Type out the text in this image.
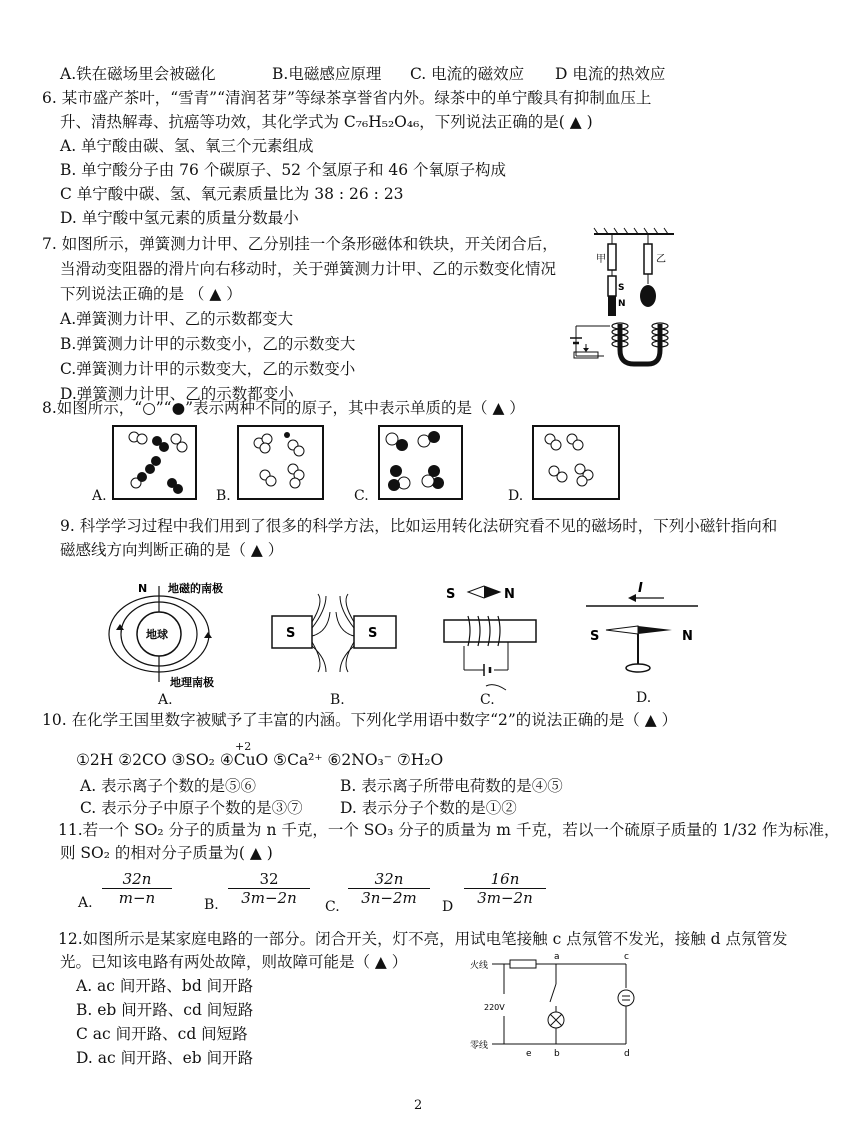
A.铁在磁场里会被磁化	B.电磁感应原理 C. 电流的磁效应 D 电流的热效应
6. 某市盛产茶叶，“雪青”“清润茗芽”等绿茶享誉省内外。绿茶中的单宁酸具有抑制血压上
升、清热解毒、抗癌等功效，其化学式为 C₇₆H₅₂O₄₆，下列说法正确的是( ▲ )
A. 单宁酸由碳、氢、氧三个元素组成
B. 单宁酸分子由 76 个碳原子、52 个氢原子和 46 个氧原子构成
C 单宁酸中碳、氢、氧元素质量比为 38 : 26 : 23
D. 单宁酸中氢元素的质量分数最小
7. 如图所示，弹簧测力计甲、乙分别挂一个条形磁体和铁块，开关闭合后，
当滑动变阻器的滑片向右移动时，关于弹簧测力计甲、乙的示数变化情况
下列说法正确的是 （ ▲ ）
A.弹簧测力计甲、乙的示数都变大
B.弹簧测力计甲的示数变小，乙的示数变大
C.弹簧测力计甲的示数变大，乙的示数变小
D.弹簧测力计甲、乙的示数都变小
S
N
甲	乙
8.如图所示，“○”“●”表示两种不同的原子，其中表示单质的是（ ▲ ）
A.	B.	C.	D.
9. 科学学习过程中我们用到了很多的科学方法，比如运用转化法研究看不见的磁场时，下列小磁针指向和
磁感线方向判断正确的是（ ▲ ）
地磁的南极
N
地球
地理南极
S	S
S	N	I
S	N
A.	B.	C.	D.
10. 在化学王国里数字被赋予了丰富的内涵。下列化学用语中数字“2”的说法正确的是（ ▲ ）
+2
①2H ②2CO ③SO₂ ④CuO ⑤Ca²⁺ ⑥2NO₃⁻ ⑦H₂O
A. 表示离子个数的是⑤⑥	B. 表示离子所带电荷数的是④⑤
C. 表示分子中原子个数的是③⑦ D. 表示分子个数的是①②
11.若一个 SO₂ 分子的质量为 n 千克，一个 SO₃ 分子的质量为 m 千克，若以一个硫原子质量的 1/32 作为标准，
则 SO₂ 的相对分子质量为( ▲ )
A. $\frac{32n}{m-n} B$. $\frac{32}{3m-2n} C$. $\frac{32n}{3n-2m}$ D $\frac{16n}{3m-2n}$
12.如图所示是某家庭电路的一部分。闭合开关，灯不亮，用试电笔接触 c 点氖管不发光，接触 d 点氖管发
光。已知该电路有两处故障，则故障可能是（ ▲ ）
A. ac 间开路、bd 间开路
B. eb 间开路、cd 间短路
C ac 间开路、cd 间短路
D. ac 间开路、eb 间开路
火线
零线
220V
a
b
c
d
e
2
